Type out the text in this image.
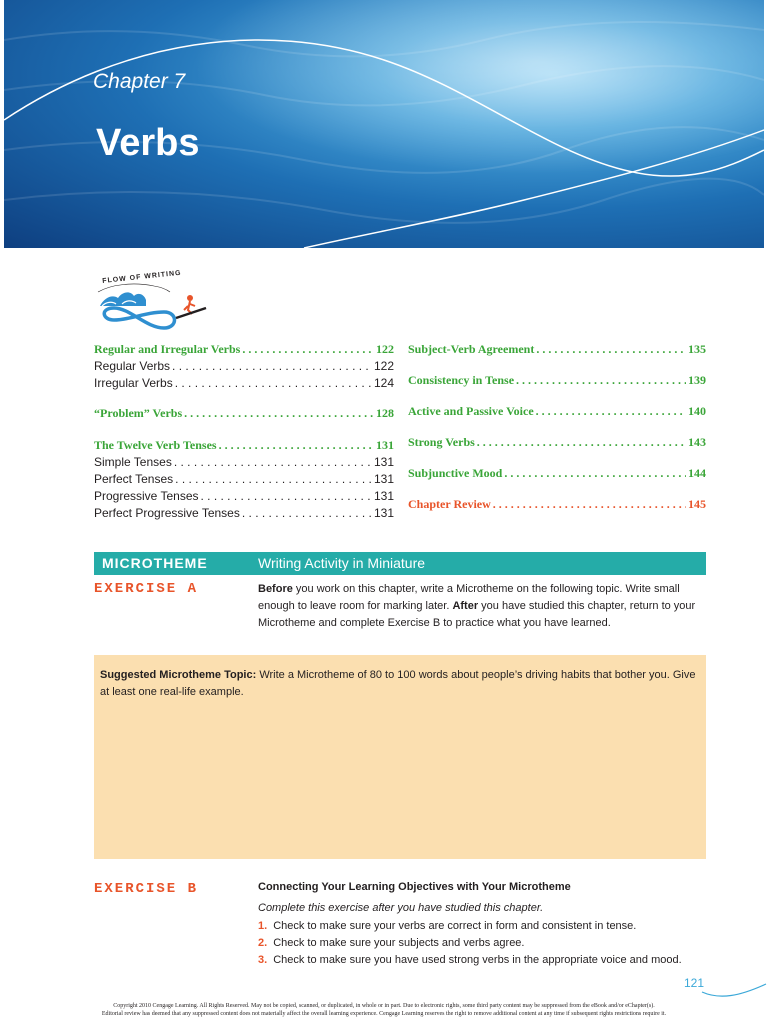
Chapter 7
Verbs
FLOW OF WRITING
Regular and Irregular Verbs . . .	122
Regular Verbs . . .	122
Irregular Verbs . . .	124
“Problem” Verbs . . .	128
The Twelve Verb Tenses . . .	131
Simple Tenses . . .	131
Perfect Tenses . . .	131
Progressive Tenses . . .	131
Perfect Progressive Tenses . . .	131
Subject-Verb Agreement . . .	135
Consistency in Tense . . .	139
Active and Passive Voice . . .	140
Strong Verbs . . .	143
Subjunctive Mood . . .	144
Chapter Review . . .	145
MICROTHEME	Writing Activity in Miniature
EXERCISE A	Before you work on this chapter, write a Microtheme on the following topic. Write small enough to leave room for marking later. After you have studied this chapter, return to your Microtheme and complete Exercise B to practice what you have learned.
Suggested Microtheme Topic: Write a Microtheme of 80 to 100 words about people’s driving habits that bother you. Give at least one real-life example.
EXERCISE B	Connecting Your Learning Objectives with Your Microtheme
Complete this exercise after you have studied this chapter.
1. Check to make sure your verbs are correct in form and consistent in tense.
2. Check to make sure your subjects and verbs agree.
3. Check to make sure you have used strong verbs in the appropriate voice and mood.
121
Copyright 2010 Cengage Learning. All Rights Reserved. May not be copied, scanned, or duplicated, in whole or in part. Due to electronic rights, some third party content may be suppressed from the eBook and/or eChapter(s).
Editorial review has deemed that any suppressed content does not materially affect the overall learning experience. Cengage Learning reserves the right to remove additional content at any time if subsequent rights restrictions require it.
